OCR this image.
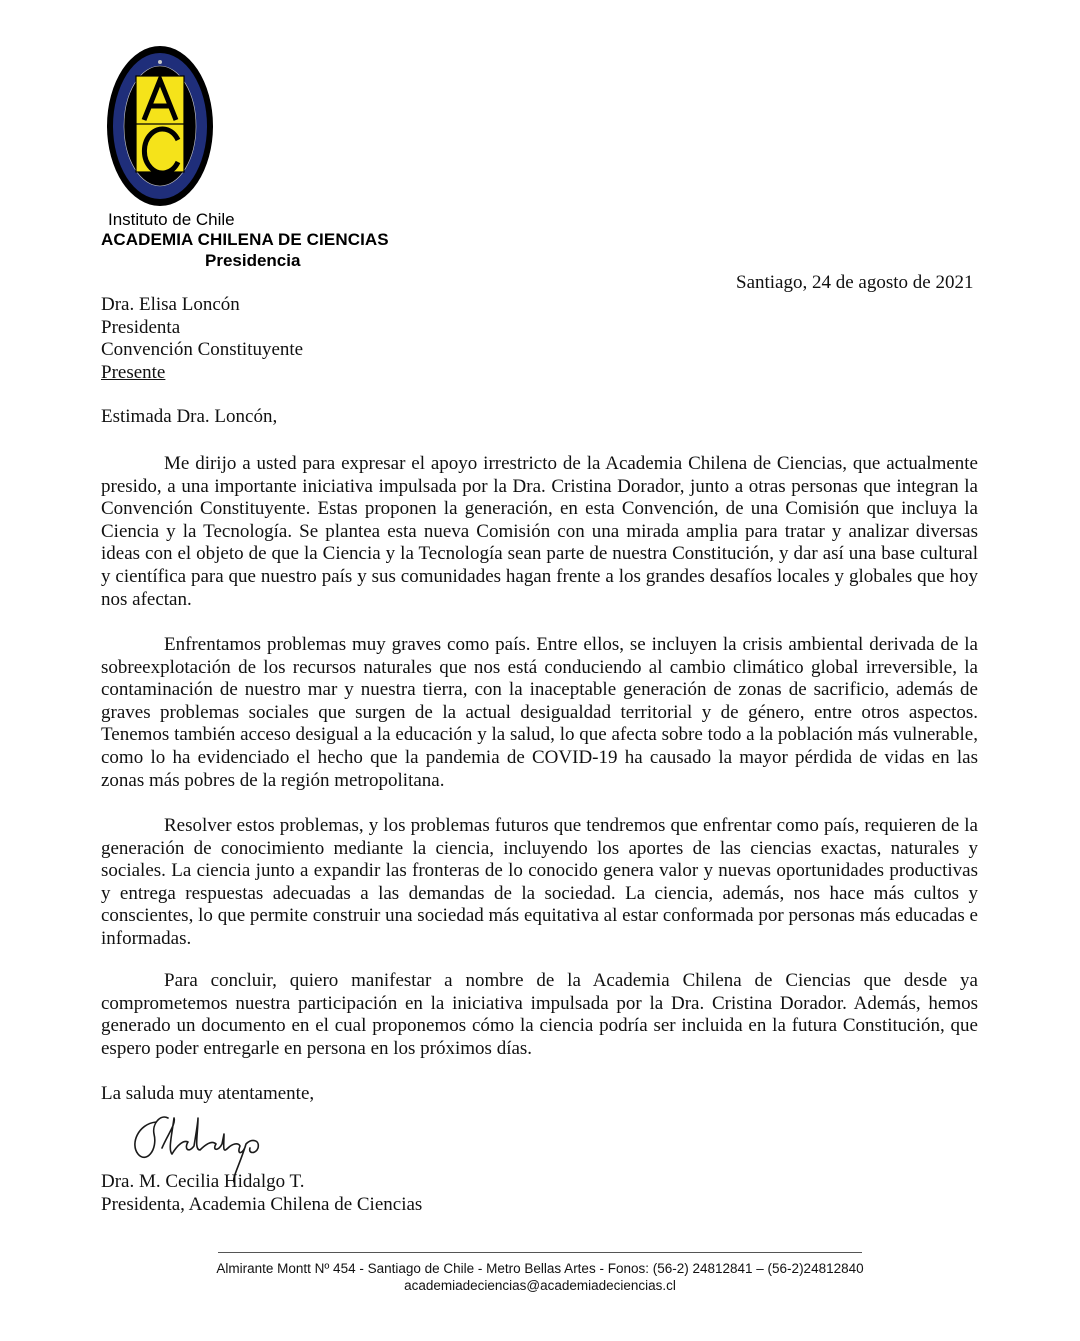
Instituto de Chile
ACADEMIA CHILENA DE CIENCIAS
Presidencia
Santiago, 24 de agosto de 2021
Dra. Elisa Loncón
Presidenta
Convención Constituyente
Presente
Estimada Dra. Loncón,

Me dirijo a usted para expresar el apoyo irrestricto de la Academia Chilena de Ciencias, que actualmente presido, a una importante iniciativa impulsada por la Dra. Cristina Dorador, junto a otras personas que integran la Convención Constituyente. Estas proponen la generación, en esta Convención, de una Comisión que incluya la Ciencia y la Tecnología. Se plantea esta nueva Comisión con una mirada amplia para tratar y analizar diversas ideas con el objeto de que la Ciencia y la Tecnología sean parte de nuestra Constitución, y dar así una base cultural y científica para que nuestro país y sus comunidades hagan frente a los grandes desafíos locales y globales que hoy nos afectan.

Enfrentamos problemas muy graves como país. Entre ellos, se incluyen la crisis ambiental derivada de la sobreexplotación de los recursos naturales que nos está conduciendo al cambio climático global irreversible, la contaminación de nuestro mar y nuestra tierra, con la inaceptable generación de zonas de sacrificio, además de graves problemas sociales que surgen de la actual desigualdad territorial y de género, entre otros aspectos. Tenemos también acceso desigual a la educación y la salud, lo que afecta sobre todo a la población más vulnerable, como lo ha evidenciado el hecho que la pandemia de COVID-19 ha causado la mayor pérdida de vidas en las zonas más pobres de la región metropolitana.

Resolver estos problemas, y los problemas futuros que tendremos que enfrentar como país, requieren de la generación de conocimiento mediante la ciencia, incluyendo los aportes de las ciencias exactas, naturales y sociales. La ciencia junto a expandir las fronteras de lo conocido genera valor y nuevas oportunidades productivas y entrega respuestas adecuadas a las demandas de la sociedad. La ciencia, además, nos hace más cultos y conscientes, lo que permite construir una sociedad más equitativa al estar conformada por personas más educadas e informadas.

Para concluir, quiero manifestar a nombre de la Academia Chilena de Ciencias que desde ya comprometemos nuestra participación en la iniciativa impulsada por la Dra. Cristina Dorador. Además, hemos generado un documento en el cual proponemos cómo la ciencia podría ser incluida en la futura Constitución, que espero poder entregarle en persona en los próximos días.

La saluda muy atentamente,
Dra. M. Cecilia Hidalgo T.
Presidenta, Academia Chilena de Ciencias
Almirante Montt Nº 454 - Santiago de Chile - Metro Bellas Artes - Fonos: (56-2) 24812841 – (56-2)24812840
academiadeciencias@academiadeciencias.cl
